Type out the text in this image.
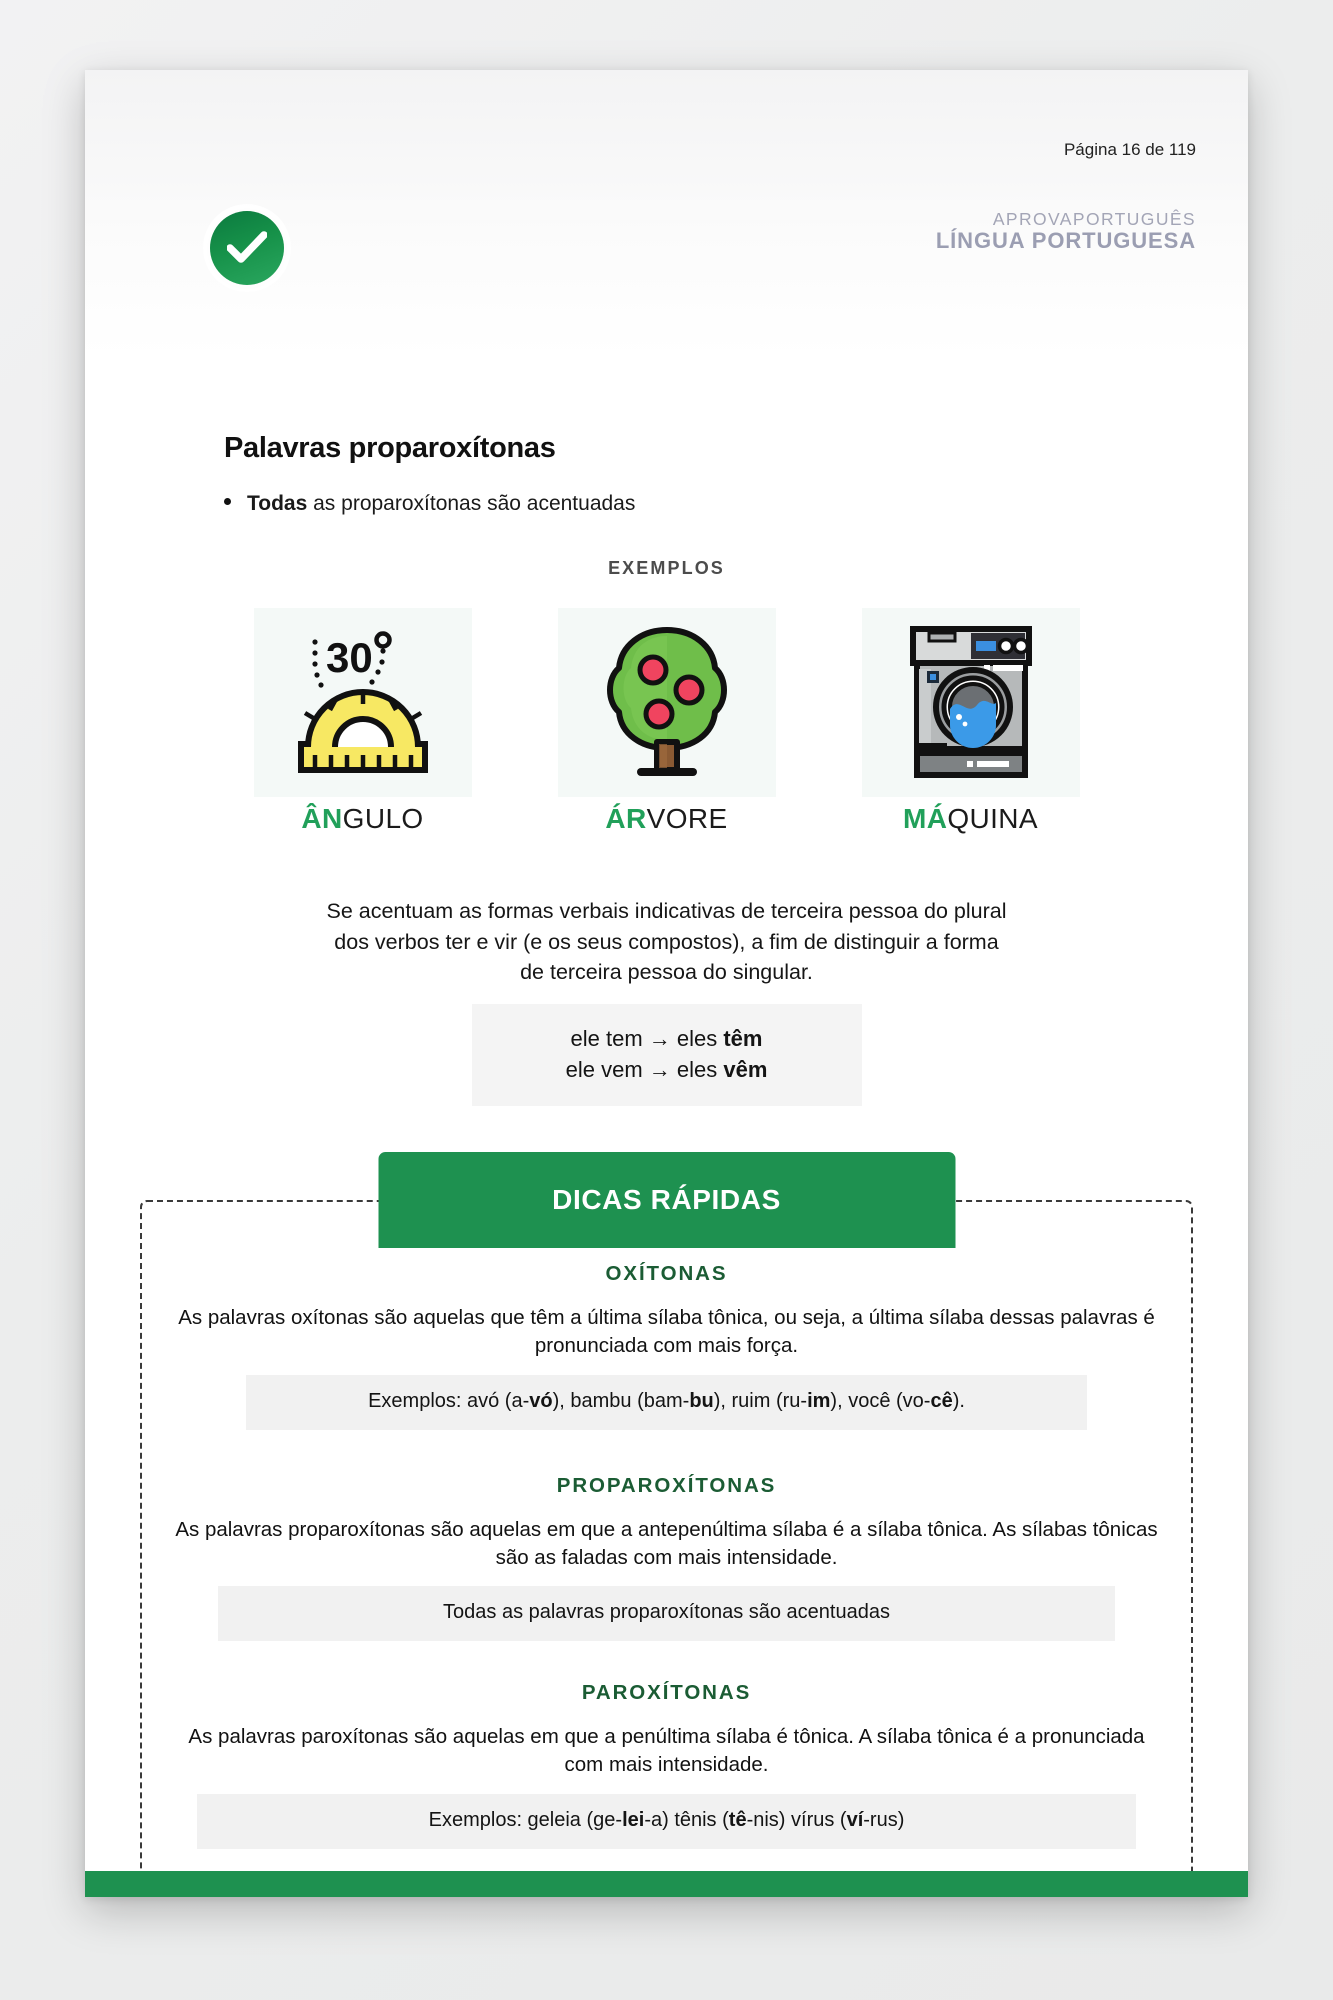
APROVAPORTUGUÊS
LÍNGUA PORTUGUESA
Palavras proparoxítonas
Todas as proparoxítonas são acentuadas
EXEMPLOS
30
ÂNGULO	ÁRVORE	MÁQUINA
Se acentuam as formas verbais indicativas de terceira pessoa do plural dos verbos ter e vir (e os seus compostos), a fim de distinguir a forma de terceira pessoa do singular.
ele tem → eles têm
ele vem → eles vêm
DICAS RÁPIDAS
OXÍTONAS
As palavras oxítonas são aquelas que têm a última sílaba tônica, ou seja, a última sílaba dessas palavras é pronunciada com mais força.
Exemplos: avó (a-vó), bambu (bam-bu), ruim (ru-im), você (vo-cê).
PROPAROXÍTONAS
As palavras proparoxítonas são aquelas em que a antepenúltima sílaba é a sílaba tônica. As sílabas tônicas são as faladas com mais intensidade.
Todas as palavras proparoxítonas são acentuadas
PAROXÍTONAS
As palavras paroxítonas são aquelas em que a penúltima sílaba é tônica. A sílaba tônica é a pronunciada com mais intensidade.
Exemplos: geleia (ge-lei-a) tênis (tê-nis) vírus (ví-rus)
Página 16 de 119
